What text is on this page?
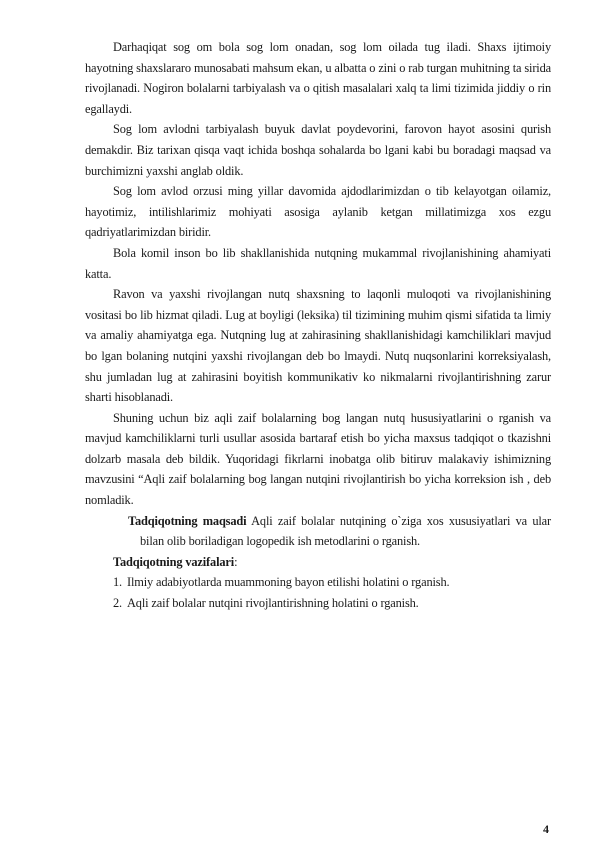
Darhaqiqat sog om bola sog lom onadan, sog lom oilada tug iladi. Shaxs ijtimoiy hayotning shaxslararo munosabati mahsum ekan, u albatta o zini o rab turgan muhitning ta sirida rivojlanadi. Nogiron bolalarni tarbiyalash va o qitish masalalari xalq ta limi tizimida jiddiy o rin egallaydi.

Sog lom avlodni tarbiyalash buyuk davlat poydevorini, farovon hayot asosini qurish demakdir. Biz tarixan qisqa vaqt ichida boshqa sohalarda bo lgani kabi bu boradagi maqsad va burchimizni yaxshi anglab oldik.

Sog lom avlod orzusi ming yillar davomida ajdodlarimizdan o tib kelayotgan oilamiz, hayotimiz, intilishlarimiz mohiyati asosiga aylanib ketgan millatimizga xos ezgu qadriyatlarimizdan biridir.

Bola komil inson bo lib shakllanishida nutqning mukammal rivojlanishining ahamiyati katta.

Ravon va yaxshi rivojlangan nutq shaxsning to laqonli muloqoti va rivojlanishining vositasi bo lib hizmat qiladi. Lug at boyligi (leksika) til tizimining muhim qismi sifatida ta limiy va amaliy ahamiyatga ega. Nutqning lug at zahirasining shakllanishidagi kamchiliklari mavjud bo lgan bolaning nutqini yaxshi rivojlangan deb bo lmaydi. Nutq nuqsonlarini korreksiyalash, shu jumladan lug at zahirasini boyitish kommunikativ ko nikmalarni rivojlantirishning zarur sharti hisoblanadi.

Shuning uchun biz aqli zaif bolalarning bog langan nutq hususiyatlarini o rganish va mavjud kamchiliklarni turli usullar asosida bartaraf etish bo yicha maxsus tadqiqot o tkazishni dolzarb masala deb bildik. Yuqoridagi fikrlarni inobatga olib bitiruv malakaviy ishimizning mavzusini “Aqli zaif bolalarning bog langan nutqini rivojlantirish bo yicha korreksion ish , deb nomladik.

Tadqiqotning maqsadi Aqli zaif bolalar nutqining o`ziga xos xususiyatlari va ular bilan olib boriladigan logopedik ish metodlarini o rganish.

Tadqiqotning vazifalari:

1. Ilmiy adabiyotlarda muammoning bayon etilishi holatini o rganish.
2. Aqli zaif bolalar nutqini rivojlantirishning holatini o rganish.
4
